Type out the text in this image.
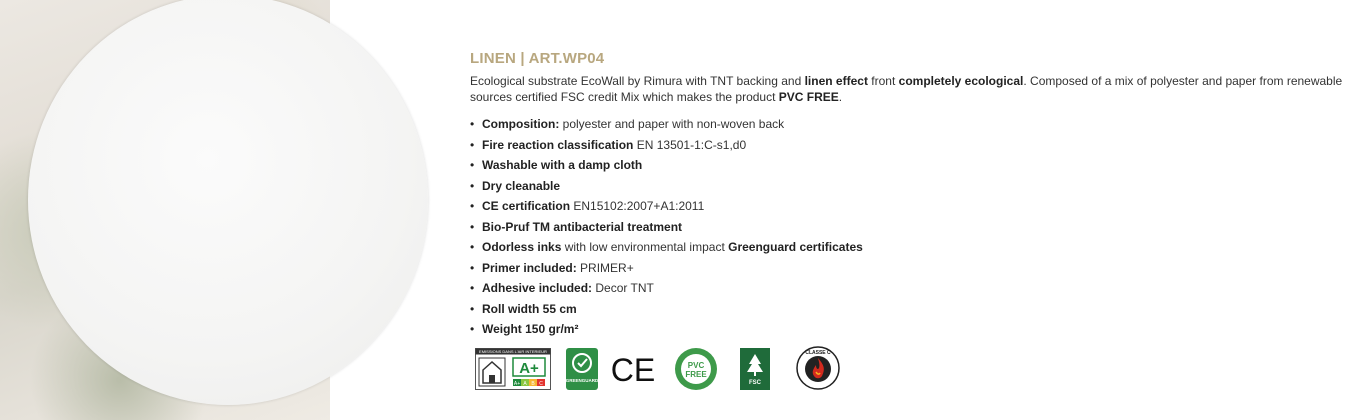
LINEN | ART.WP04

Ecological substrate EcoWall by Rimura with TNT backing and linen effect front completely ecological. Composed of a mix of polyester and paper from renewable sources certified FSC credit Mix which makes the product PVC FREE.

• Composition: polyester and paper with non-woven back
• Fire reaction classification EN 13501-1:C-s1,d0
• Washable with a damp cloth
• Dry cleanable
• CE certification EN15102:2007+A1:2011
• Bio-Pruf TM antibacterial treatment
• Odorless inks with low environmental impact Greenguard certificates
• Primer included: PRIMER+
• Adhesive included: Decor TNT
• Roll width 55 cm
• Weight 150 gr/m²
EMISSIONS DANS L'AIR INTERIEUR
A+
A+ A B C
GREENGUARD CE	PVC
FREE
FSC
CLASSE C
